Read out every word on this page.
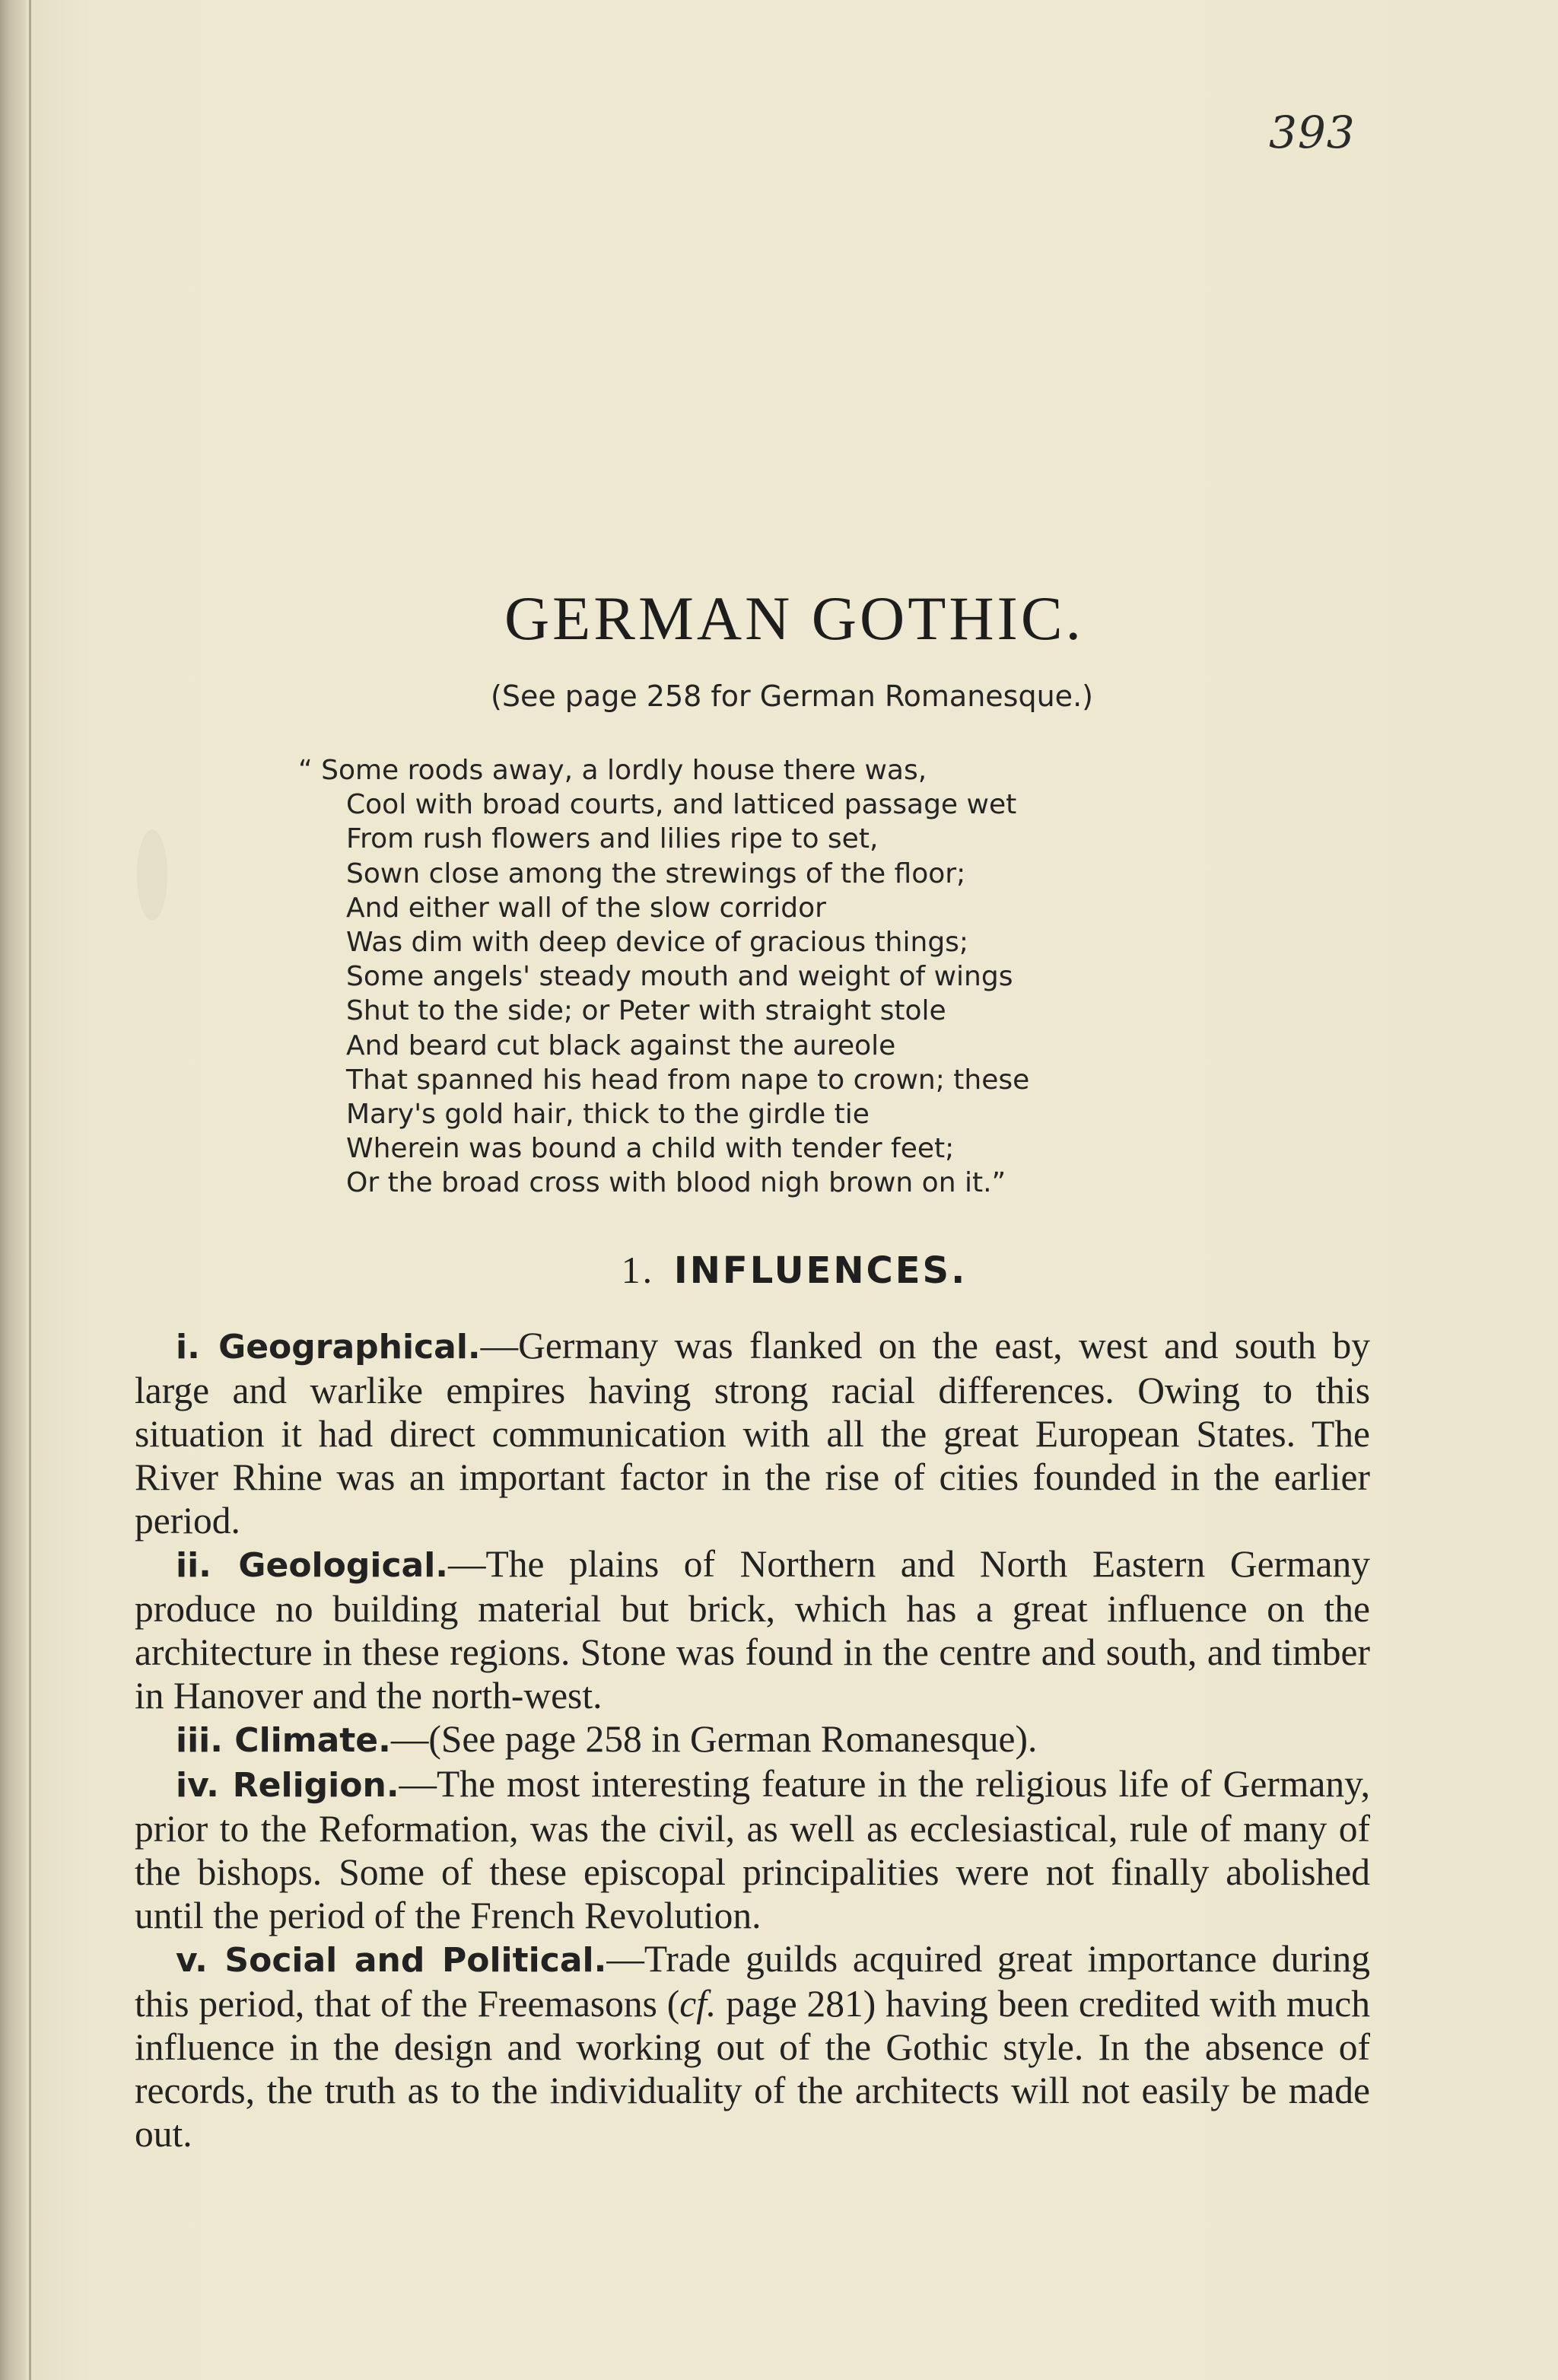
393
GERMAN GOTHIC.
(See page 258 for German Romanesque.)
“ Some roods away, a lordly house there was,
Cool with broad courts, and latticed passage wet
From rush flowers and lilies ripe to set,
Sown close among the strewings of the floor;
And either wall of the slow corridor
Was dim with deep device of gracious things;
Some angels' steady mouth and weight of wings
Shut to the side; or Peter with straight stole
And beard cut black against the aureole
That spanned his head from nape to crown; these
Mary's gold hair, thick to the girdle tie
Wherein was bound a child with tender feet;
Or the broad cross with blood nigh brown on it.”
1. INFLUENCES.

i. Geographical.—Germany was flanked on the east, west and south by large and warlike empires having strong racial differences. Owing to this situation it had direct communication with all the great European States. The River Rhine was an important factor in the rise of cities founded in the earlier period.

ii. Geological.—The plains of Northern and North Eastern Germany produce no building material but brick, which has a great influence on the architecture in these regions. Stone was found in the centre and south, and timber in Hanover and the north-west.

iii. Climate.—(See page 258 in German Romanesque).

iv. Religion.—The most interesting feature in the religious life of Germany, prior to the Reformation, was the civil, as well as ecclesiastical, rule of many of the bishops. Some of these episcopal principalities were not finally abolished until the period of the French Revolution.

v. Social and Political.—Trade guilds acquired great importance during this period, that of the Freemasons (cf. page 281) having been credited with much influence in the design and working out of the Gothic style. In the absence of records, the truth as to the individuality of the architects will not easily be made out.
